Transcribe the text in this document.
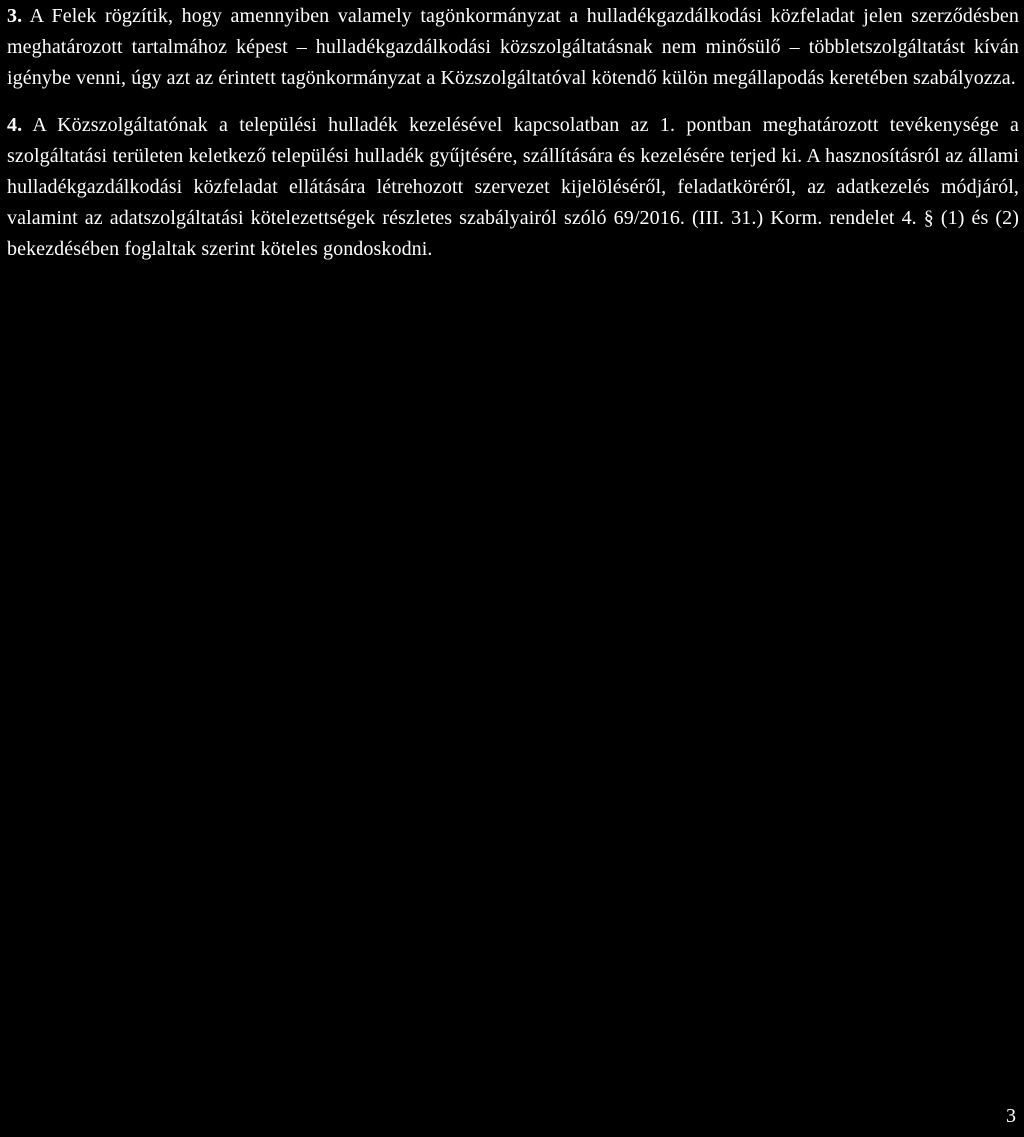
3. A Felek rögzítik, hogy amennyiben valamely tagönkormányzat a hulladékgazdálkodási közfeladat jelen szerződésben meghatározott tartalmához képest – hulladékgazdálkodási közszolgáltatásnak nem minősülő – többletszolgáltatást kíván igénybe venni, úgy azt az érintett tagönkormányzat a Közszolgáltatóval kötendő külön megállapodás keretében szabályozza.

4. A Közszolgáltatónak a települési hulladék kezelésével kapcsolatban az 1. pontban meghatározott tevékenysége a szolgáltatási területen keletkező települési hulladék gyűjtésére, szállítására és kezelésére terjed ki. A hasznosításról az állami hulladékgazdálkodási közfeladat ellátására létrehozott szervezet kijelöléséről, feladatköréről, az adatkezelés módjáról, valamint az adatszolgáltatási kötelezettségek részletes szabályairól szóló 69/2016. (III. 31.) Korm. rendelet 4. § (1) és (2) bekezdésében foglaltak szerint köteles gondoskodni.

3
